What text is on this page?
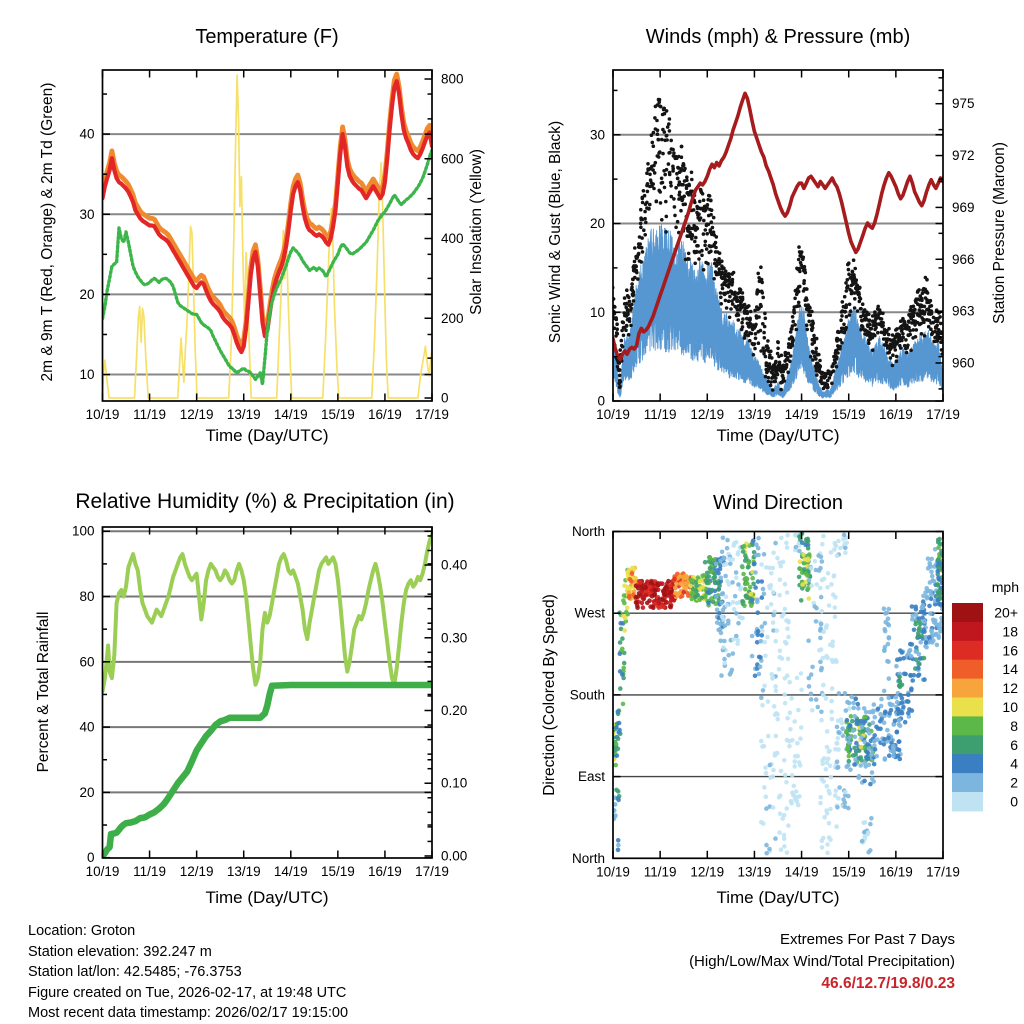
10/19 11/19 12/19 13/19 14/19 15/19 16/19 17/19
10
20
30
40
0
200
400
600
800
10/19 11/19 12/19 13/19 14/19 15/19 16/19 17/19
0
10
20
30
960
963
966
969
972
975
10/19 11/19 12/19 13/19 14/19 15/19 16/19 17/19
0
20
40
60
80
100
0.00
0.10
0.20
0.30
0.40
10/19 11/19 12/19 13/19 14/19 15/19 16/19 17/19
North
East
South
West
North
mph
20+
18
16
14
12
10
8
6
4
2
0
Temperature (F)	Winds (mph) & Pressure (mb)
Relative Humidity (%) & Precipitation (in)	Wind Direction
Time (Day/UTC)	Time (Day/UTC)
Time (Day/UTC)	Time (Day/UTC)
2m & 9m T (Red, Orange) & 2m Td (Green)	Solar Insolation (Yellow)	Sonic Wind & Gust (Blue, Black)	Station Pressure (Maroon)
Percent & Total Rainfall	Direction (Colored By Speed)
Location: Groton
Station elevation: 392.247 m
Station lat/lon: 42.5485; -76.3753
Figure created on Tue, 2026-02-17, at 19:48 UTC
Most recent data timestamp: 2026/02/17 19:15:00
Extremes For Past 7 Days
(High/Low/Max Wind/Total Precipitation)
46.6/12.7/19.8/0.23
